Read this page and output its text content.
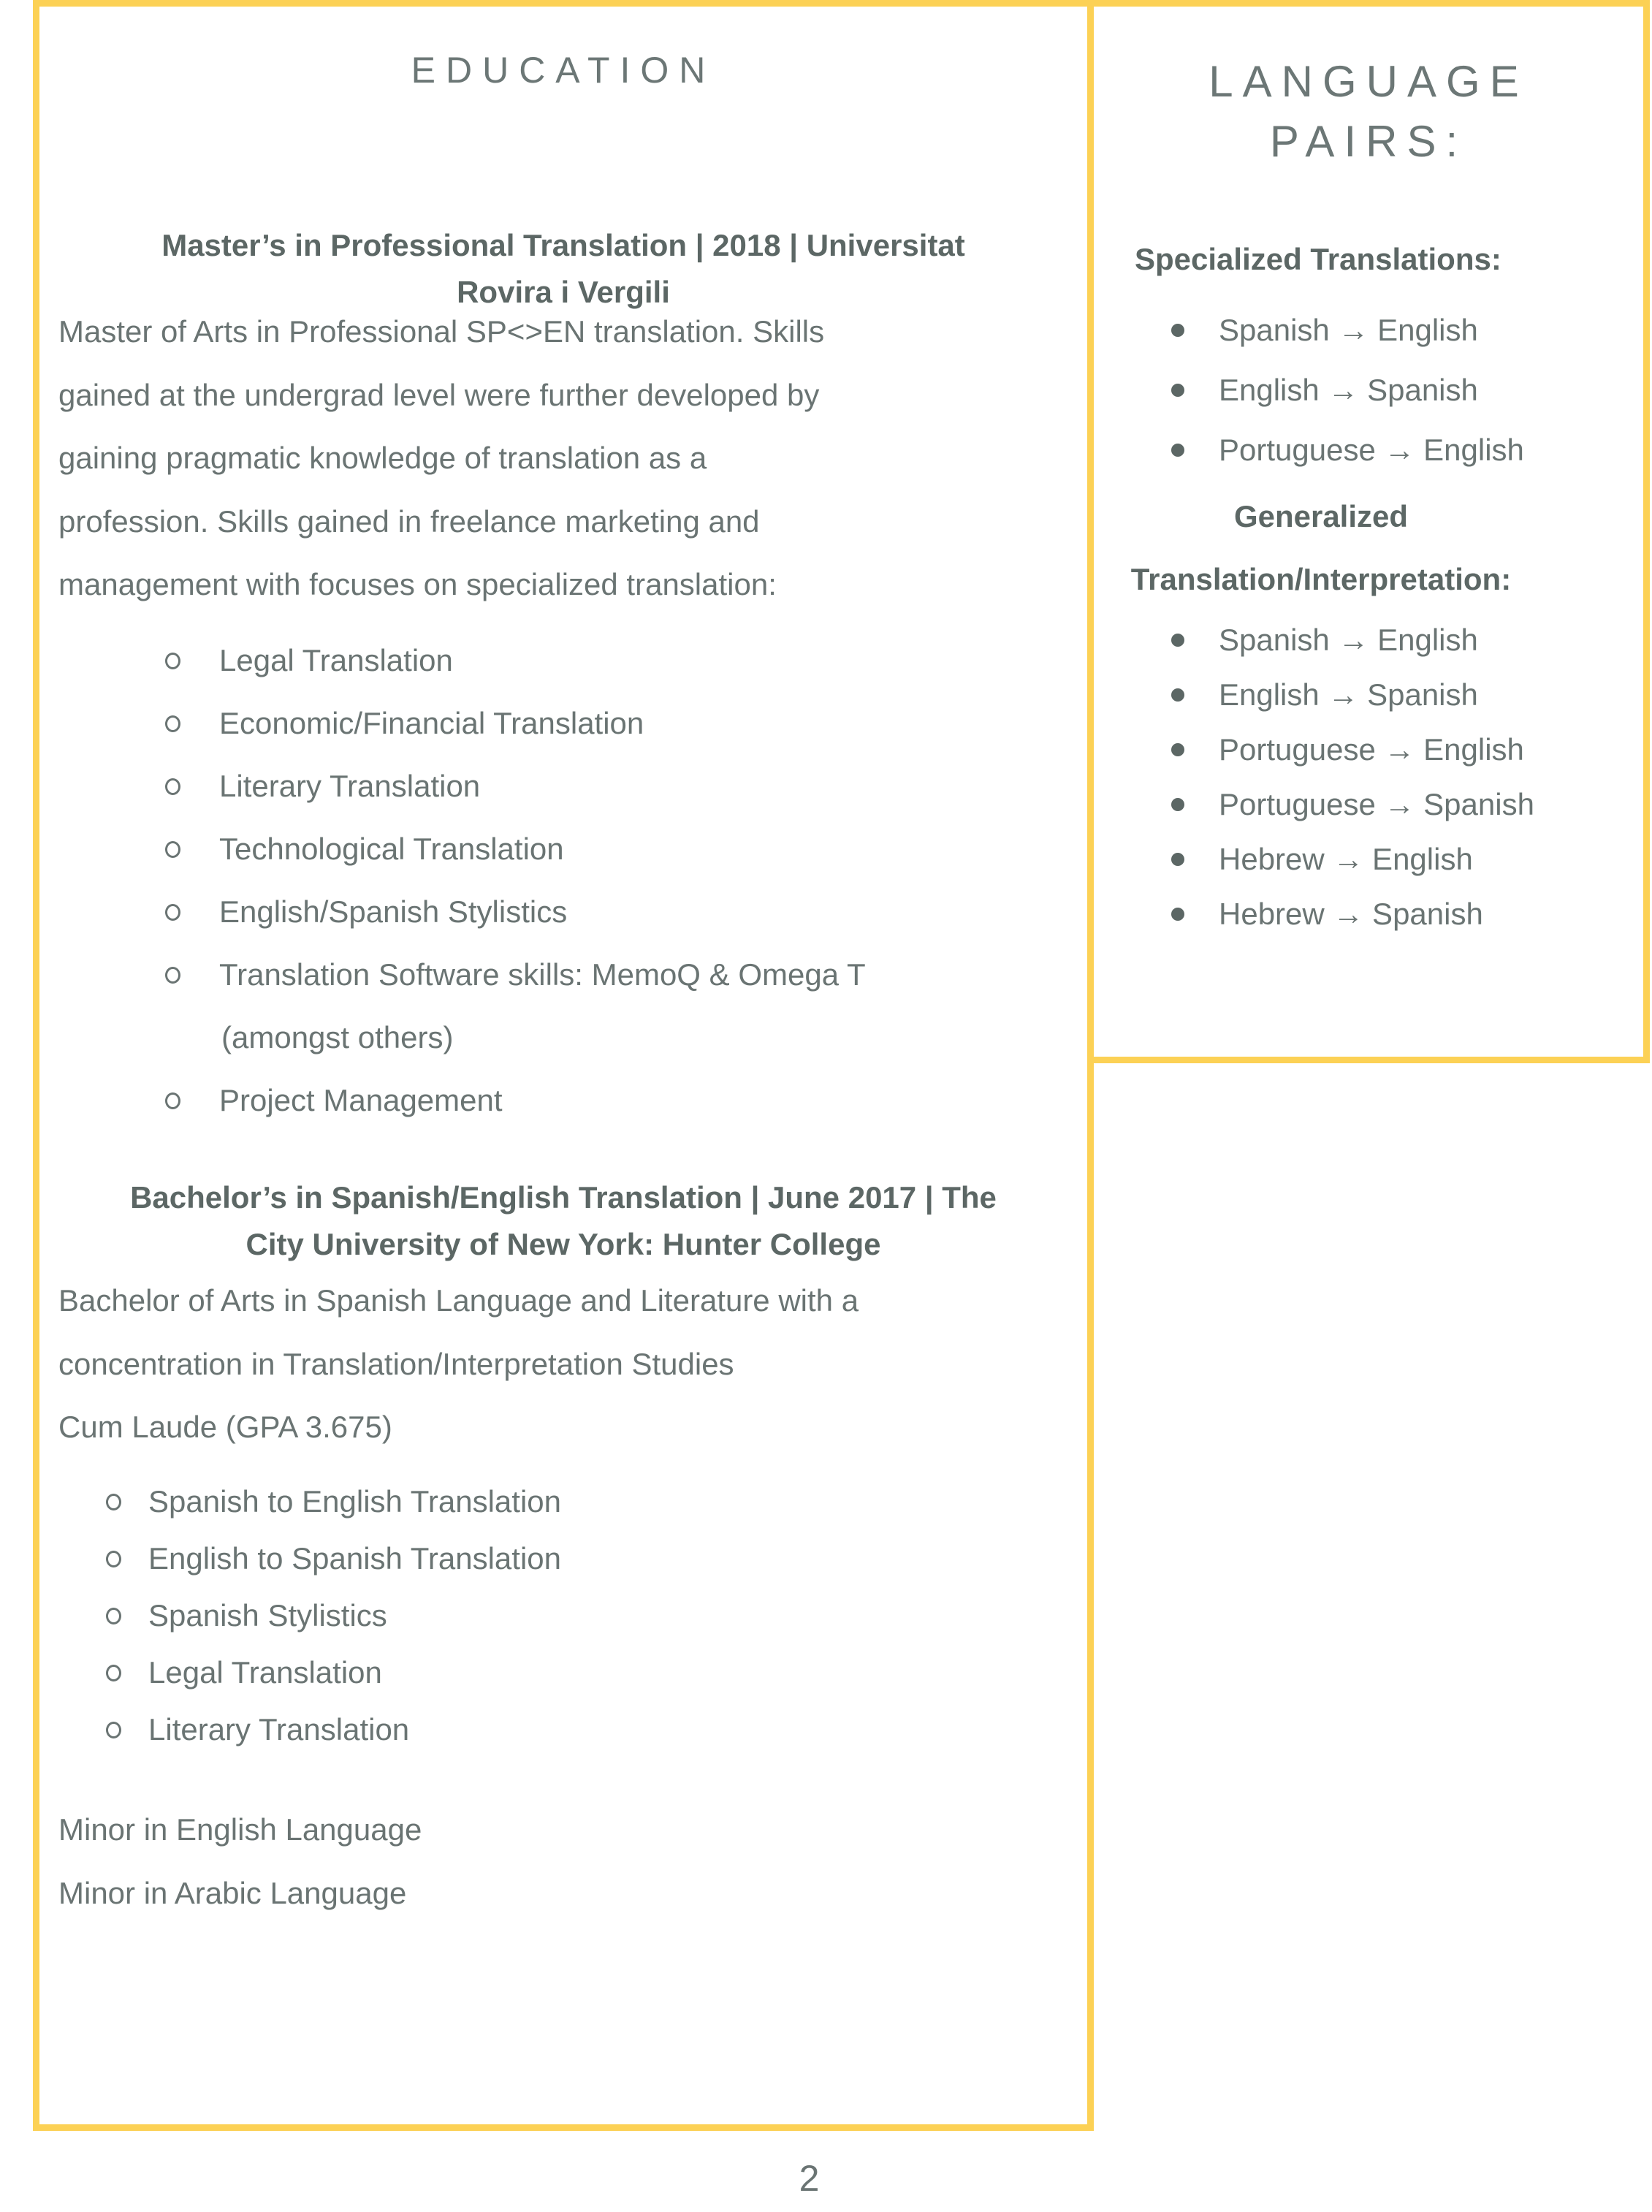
EDUCATION
Master’s in Professional Translation | 2018 | Universitat
Rovira i Vergili
Master of Arts in Professional SP<>EN translation. Skills
gained at the undergrad level were further developed by
gaining pragmatic knowledge of translation as a
profession. Skills gained in freelance marketing and
management with focuses on specialized translation:
Legal Translation
Economic/Financial Translation
Literary Translation
Technological Translation
English/Spanish Stylistics
Translation Software skills: MemoQ & Omega T
(amongst others)
Project Management
Bachelor’s in Spanish/English Translation | June 2017 | The
City University of New York: Hunter College
Bachelor of Arts in Spanish Language and Literature with a
concentration in Translation/Interpretation Studies
Cum Laude (GPA 3.675)
Spanish to English Translation
English to Spanish Translation
Spanish Stylistics
Legal Translation
Literary Translation
Minor in English Language
Minor in Arabic Language
LANGUAGE
PAIRS:
Specialized Translations:
Spanish → English
English → Spanish
Portuguese → English
Generalized
Translation/Interpretation:
Spanish → English
English → Spanish
Portuguese → English
Portuguese → Spanish
Hebrew → English
Hebrew → Spanish
2
